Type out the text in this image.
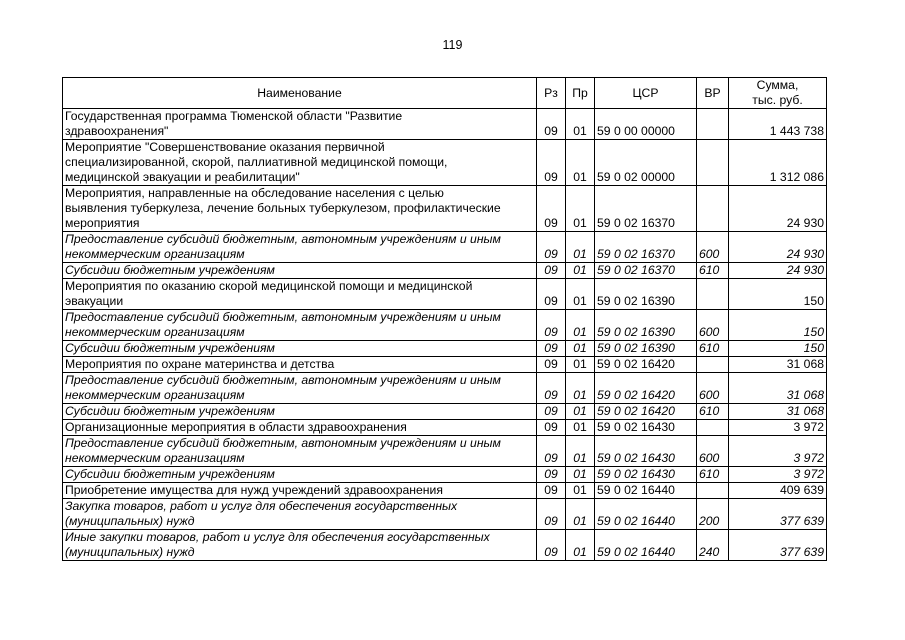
119
Наименование	Рз	Пр	ЦСР	ВР	Сумма,
тыс. руб.

Государственная программа Тюменской области "Развитие
здравоохранения"	09	01	59 0 00 00000		1 443 738

Мероприятие "Совершенствование оказания первичной
специализированной, скорой, паллиативной медицинской помощи,
медицинской эвакуации и реабилитации"	09	01	59 0 02 00000		1 312 086

Мероприятия, направленные на обследование населения с целью
выявления туберкулеза, лечение больных туберкулезом, профилактические
мероприятия	09	01	59 0 02 16370		24 930

Предоставление субсидий бюджетным, автономным учреждениям и иным
некоммерческим организациям	09	01	59 0 02 16370	600	24 930

Субсидии бюджетным учреждениям	09	01	59 0 02 16370	610	24 930

Мероприятия по оказанию скорой медицинской помощи и медицинской
эвакуации	09	01	59 0 02 16390		150

Предоставление субсидий бюджетным, автономным учреждениям и иным
некоммерческим организациям	09	01	59 0 02 16390	600	150

Субсидии бюджетным учреждениям	09	01	59 0 02 16390	610	150

Мероприятия по охране материнства и детства	09	01	59 0 02 16420		31 068

Предоставление субсидий бюджетным, автономным учреждениям и иным
некоммерческим организациям	09	01	59 0 02 16420	600	31 068

Субсидии бюджетным учреждениям	09	01	59 0 02 16420	610	31 068

Организационные мероприятия в области здравоохранения	09	01	59 0 02 16430		3 972

Предоставление субсидий бюджетным, автономным учреждениям и иным
некоммерческим организациям	09	01	59 0 02 16430	600	3 972

Субсидии бюджетным учреждениям	09	01	59 0 02 16430	610	3 972

Приобретение имущества для нужд учреждений здравоохранения	09	01	59 0 02 16440		409 639

Закупка товаров, работ и услуг для обеспечения государственных
(муниципальных) нужд	09	01	59 0 02 16440	200	377 639

Иные закупки товаров, работ и услуг для обеспечения государственных
(муниципальных) нужд	09	01	59 0 02 16440	240	377 639
